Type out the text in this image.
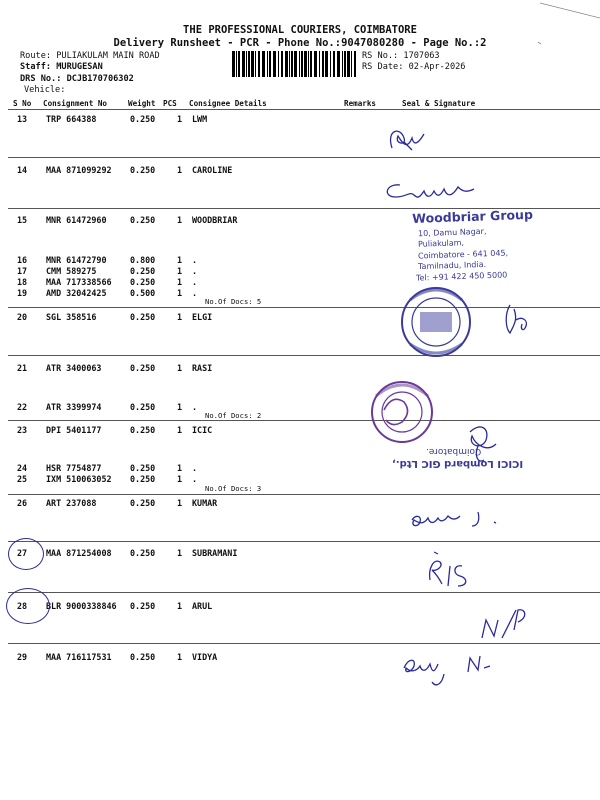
THE PROFESSIONAL COURIERS, COIMBATORE
Delivery Runsheet - PCR - Phone No.:9047080280 - Page No.:2
Route: PULIAKULAM MAIN ROAD
Staff: MURUGESAN
DRS No.: DCJB170706302
Vehicle:
RS No.: 1707063
RS Date: 02-Apr-2026
S No Consignment No	Weight PCS Consignee Details	Remarks	Seal & Signature
13 TRP 664388	0.250	1 LWM
14 MAA 871099292 0.250	1 CAROLINE
15 MNR 61472960	0.250	1 WOODBRIAR
16 MNR 61472790	0.800	1 .
17 CMM 589275	0.250	1 .
18 MAA 717338566 0.250	1 .
19 AMD 32042425	0.500	1 .
No.Of Docs: 5
20 SGL 358516	0.250	1 ELGI
21 ATR 3400063	0.250	1 RASI
22 ATR 3399974	0.250	1 .
No.Of Docs: 2
23 DPI 5401177	0.250	1 ICIC
24 HSR 7754877	0.250	1 .
25 IXM 510063052 0.250	1 .
No.Of Docs: 3
26 ART 237088	0.250	1 KUMAR
27 MAA 871254008 0.250	1 SUBRAMANI
28 BLR 9000338846 0.250	1 ARUL
29 MAA 716117531 0.250	1 VIDYA
Woodbriar Group
10, Damu Nagar,
Puliakulam,
Coimbatore - 641 045,
Tamilnadu, India.
Tel: +91 422 450 5000
ICICI Lombard GIC Ltd.,
Coimbatore.
